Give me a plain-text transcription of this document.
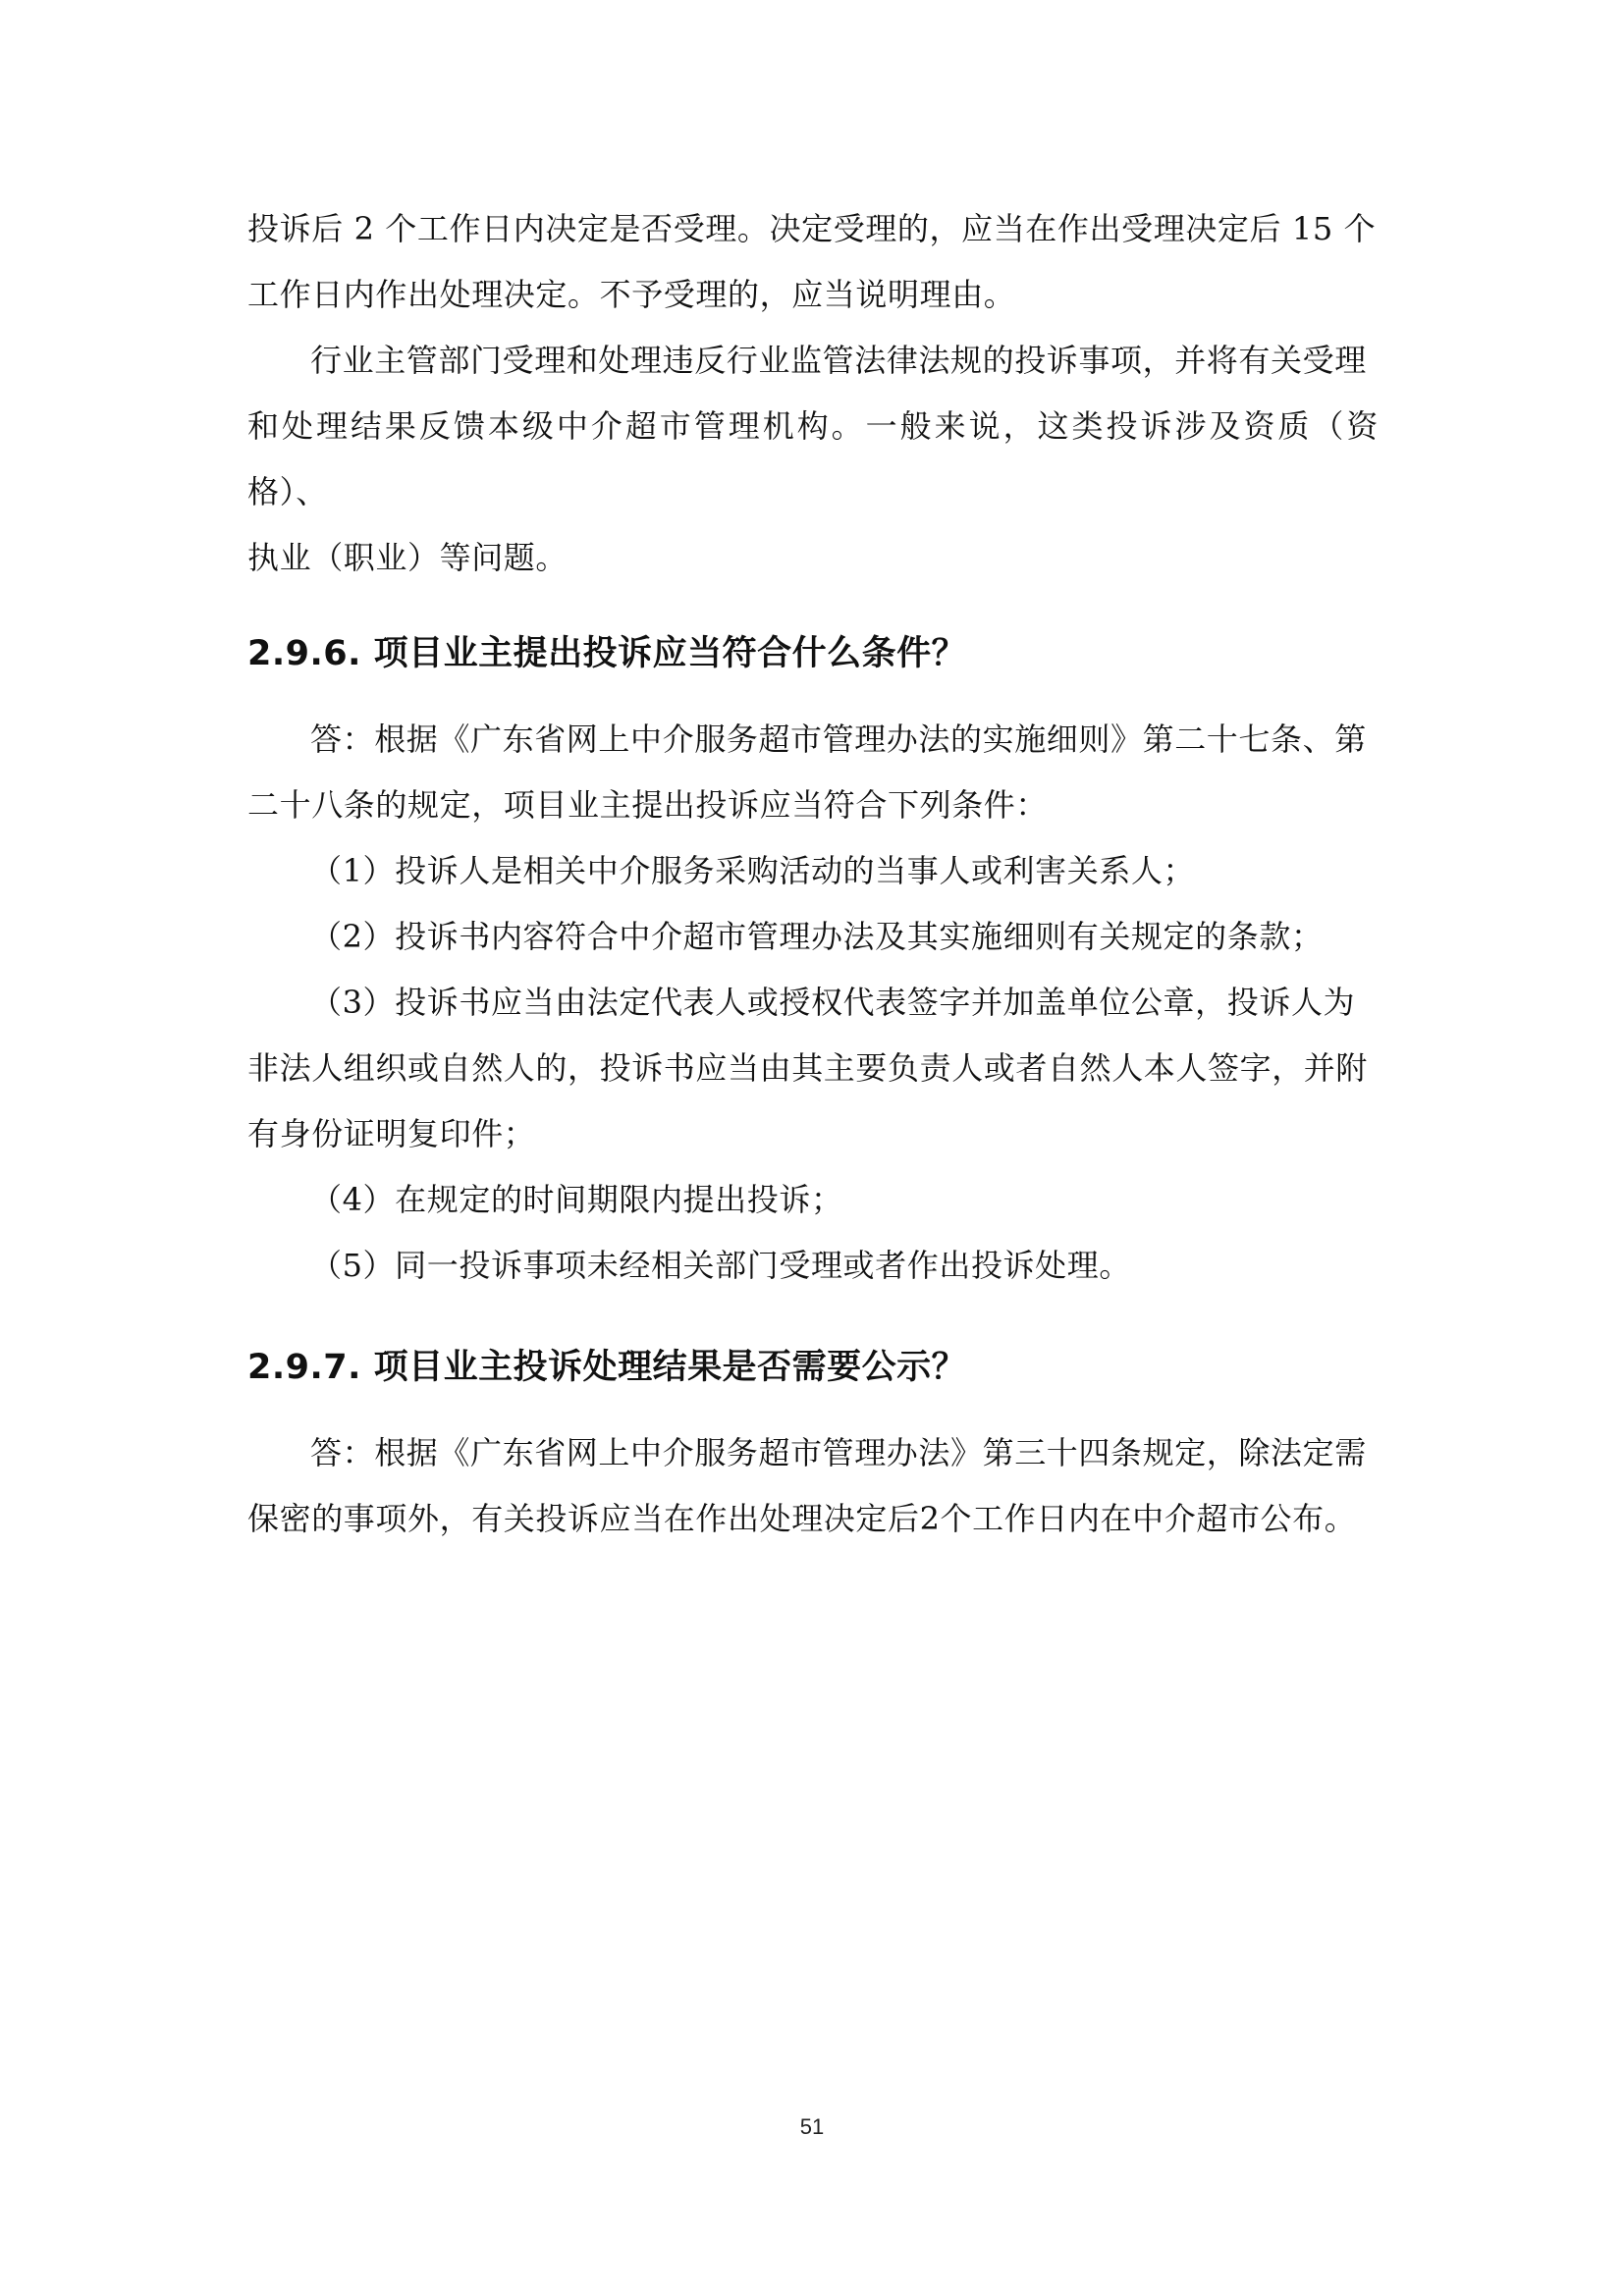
投诉后 2 个工作日内决定是否受理。决定受理的，应当在作出受理决定后 15 个
工作日内作出处理决定。不予受理的，应当说明理由。

行业主管部门受理和处理违反行业监管法律法规的投诉事项，并将有关受理
和处理结果反馈本级中介超市管理机构。一般来说，这类投诉涉及资质（资格）、
执业（职业）等问题。

2.9.6. 项目业主提出投诉应当符合什么条件？

答：根据《广东省网上中介服务超市管理办法的实施细则》第二十七条、第
二十八条的规定，项目业主提出投诉应当符合下列条件：

（1）投诉人是相关中介服务采购活动的当事人或利害关系人；

（2）投诉书内容符合中介超市管理办法及其实施细则有关规定的条款；

（3）投诉书应当由法定代表人或授权代表签字并加盖单位公章，投诉人为
非法人组织或自然人的，投诉书应当由其主要负责人或者自然人本人签字，并附
有身份证明复印件；

（4）在规定的时间期限内提出投诉；

（5）同一投诉事项未经相关部门受理或者作出投诉处理。

2.9.7. 项目业主投诉处理结果是否需要公示？

答：根据《广东省网上中介服务超市管理办法》第三十四条规定，除法定需
保密的事项外，有关投诉应当在作出处理决定后2个工作日内在中介超市公布。

51
